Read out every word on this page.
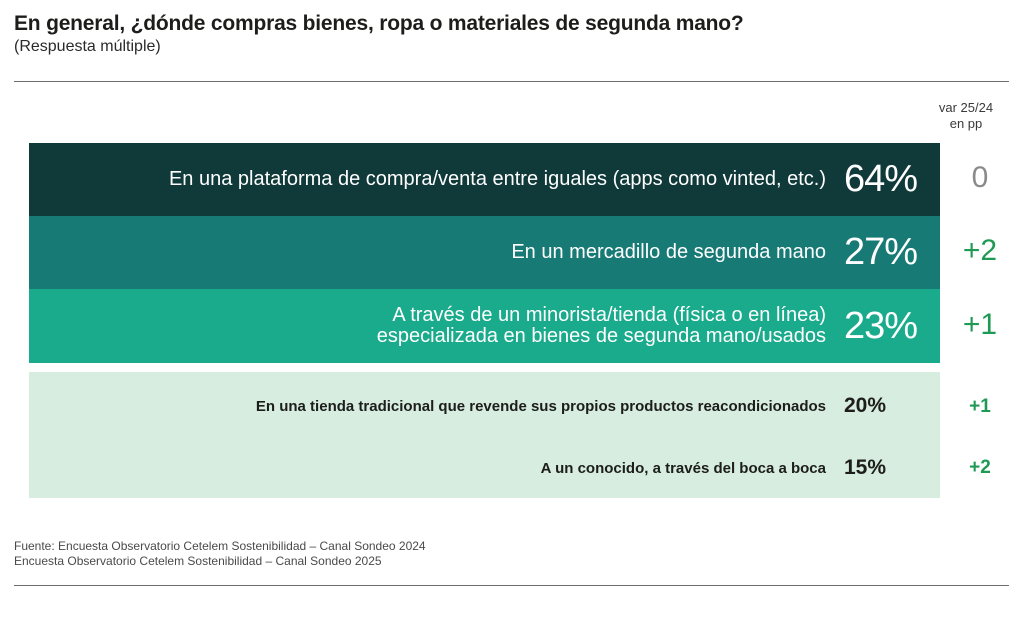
En general, ¿dónde compras bienes, ropa o materiales de segunda mano?
(Respuesta múltiple)
var 25/24
en pp
En una plataforma de compra/venta entre iguales (apps como vinted, etc.) 64%	0
En un mercadillo de segunda mano 27%	+2
A través de un minorista/tienda (física o en línea)
especializada en bienes de segunda mano/usados 23%	+1
En una tienda tradicional que revende sus propios productos reacondicionados 20%	+1
A un conocido, a través del boca a boca 15%	+2
Fuente: Encuesta Observatorio Cetelem Sostenibilidad – Canal Sondeo 2024
Encuesta Observatorio Cetelem Sostenibilidad – Canal Sondeo 2025
